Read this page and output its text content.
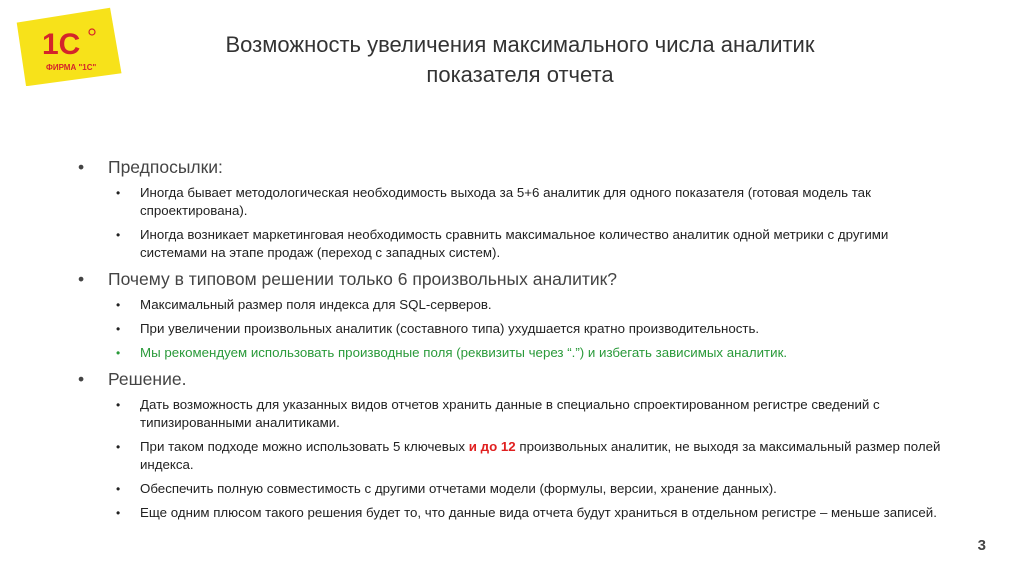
1С
ФИРМА "1С"
Возможность увеличения максимального числа аналитик
показателя отчета
• Предпосылки:
• Иногда бывает методологическая необходимость выхода за 5+6 аналитик для одного показателя (готовая модель так спроектирована).
• Иногда возникает маркетинговая необходимость сравнить максимальное количество аналитик одной метрики с другими системами на этапе продаж (переход с западных систем).
• Почему в типовом решении только 6 произвольных аналитик?
• Максимальный размер поля индекса для SQL-серверов.
• При увеличении произвольных аналитик (составного типа) ухудшается кратно производительность.
• Мы рекомендуем использовать производные поля (реквизиты через “.”) и избегать зависимых аналитик.
• Решение.
• Дать возможность для указанных видов отчетов хранить данные в специально спроектированном регистре сведений с типизированными аналитиками.
• При таком подходе можно использовать 5 ключевых и до 12 произвольных аналитик, не выходя за максимальный размер полей индекса.
• Обеспечить полную совместимость с другими отчетами модели (формулы, версии, хранение данных).
• Еще одним плюсом такого решения будет то, что данные вида отчета будут храниться в отдельном регистре – меньше записей.
3
